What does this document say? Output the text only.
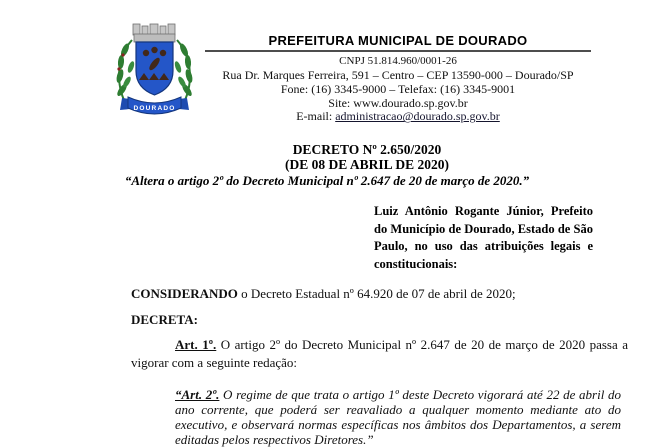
DOURADO
PREFEITURA MUNICIPAL DE DOURADO
CNPJ 51.814.960/0001-26
Rua Dr. Marques Ferreira, 591 – Centro – CEP 13590-000 – Dourado/SP
Fone: (16) 3345-9000 – Telefax: (16) 3345-9001
Site: www.dourado.sp.gov.br
E-mail: administracao@dourado.sp.gov.br
DECRETO Nº 2.650/2020
(DE 08 DE ABRIL DE 2020)
“Altera o artigo 2º do Decreto Municipal nº 2.647 de 20 de março de 2020.”
Luiz Antônio Rogante Júnior, Prefeito do Município de Dourado, Estado de São Paulo, no uso das atribuições legais e constitucionais:

CONSIDERANDO o Decreto Estadual nº 64.920 de 07 de abril de 2020;

DECRETA:

Art. 1º. O artigo 2º do Decreto Municipal nº 2.647 de 20 de março de 2020 passa a vigorar com a seguinte redação:

“Art. 2º. O regime de que trata o artigo 1º deste Decreto vigorará até 22 de abril do ano corrente, que poderá ser reavaliado a qualquer momento mediante ato do executivo, e observará normas específicas nos âmbitos dos Departamentos, a serem editadas pelos respectivos Diretores.”
